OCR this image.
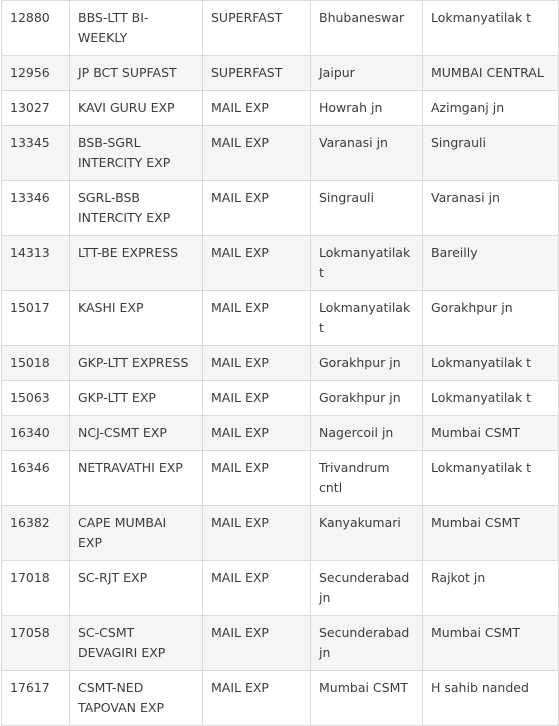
12880	BBS-LTT BI-WEEKLY	SUPERFAST	Bhubaneswar	Lokmanyatilak t
12956	JP BCT SUPFAST	SUPERFAST	Jaipur	MUMBAI CENTRAL
13027	KAVI GURU EXP	MAIL EXP	Howrah jn	Azimganj jn
13345	BSB-SGRL INTERCITY EXP	MAIL EXP	Varanasi jn	Singrauli
13346	SGRL-BSB INTERCITY EXP	MAIL EXP	Singrauli	Varanasi jn
14313	LTT-BE EXPRESS	MAIL EXP	Lokmanyatilak t	Bareilly
15017	KASHI EXP	MAIL EXP	Lokmanyatilak t	Gorakhpur jn
15018	GKP-LTT EXPRESS	MAIL EXP	Gorakhpur jn	Lokmanyatilak t
15063	GKP-LTT EXP	MAIL EXP	Gorakhpur jn	Lokmanyatilak t
16340	NCJ-CSMT EXP	MAIL EXP	Nagercoil jn	Mumbai CSMT
16346	NETRAVATHI EXP	MAIL EXP	Trivandrum cntl	Lokmanyatilak t
16382	CAPE MUMBAI EXP	MAIL EXP	Kanyakumari	Mumbai CSMT
17018	SC-RJT EXP	MAIL EXP	Secunderabad jn	Rajkot jn
17058	SC-CSMT DEVAGIRI EXP	MAIL EXP	Secunderabad jn	Mumbai CSMT
17617	CSMT-NED TAPOVAN EXP	MAIL EXP	Mumbai CSMT	H sahib nanded
